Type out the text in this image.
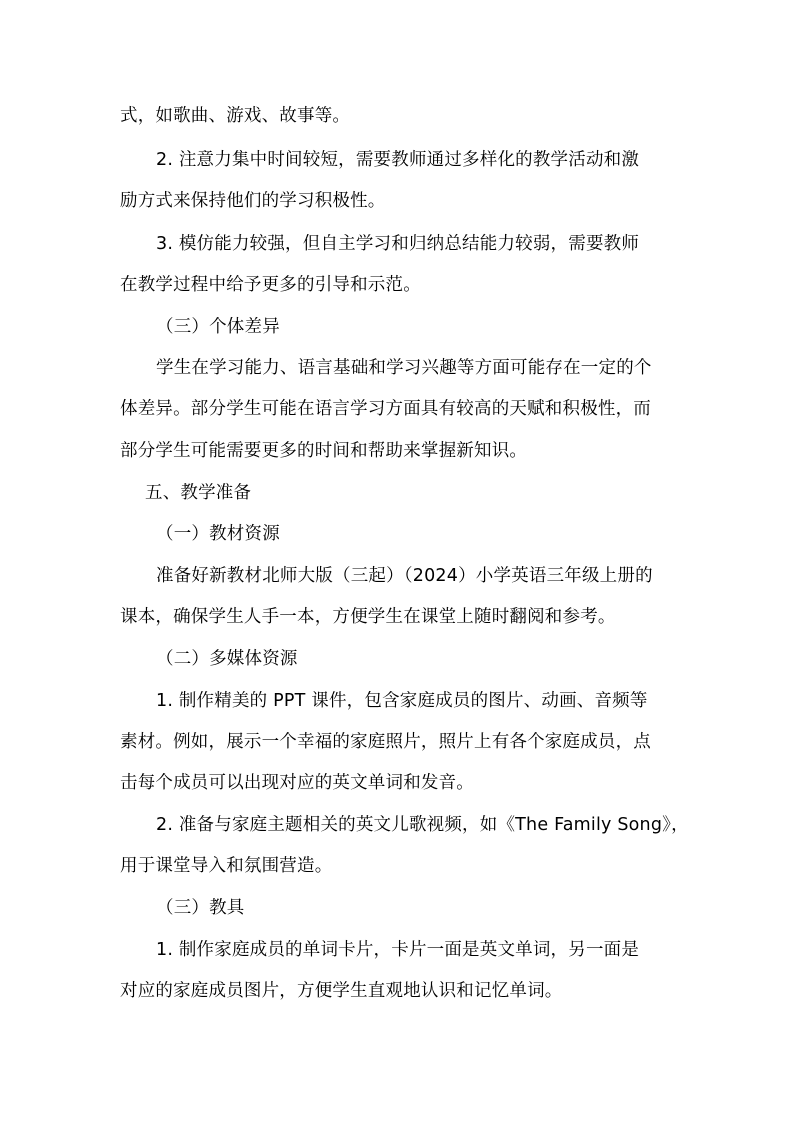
式，如歌曲、游戏、故事等。
2. 注意力集中时间较短，需要教师通过多样化的教学活动和激
励方式来保持他们的学习积极性。
3. 模仿能力较强，但自主学习和归纳总结能力较弱，需要教师
在教学过程中给予更多的引导和示范。
（三）个体差异
学生在学习能力、语言基础和学习兴趣等方面可能存在一定的个
体差异。部分学生可能在语言学习方面具有较高的天赋和积极性，而
部分学生可能需要更多的时间和帮助来掌握新知识。
五、教学准备
（一）教材资源
准备好新教材北师大版（三起）（2024）小学英语三年级上册的
课本，确保学生人手一本，方便学生在课堂上随时翻阅和参考。
（二）多媒体资源
1. 制作精美的 PPT 课件，包含家庭成员的图片、动画、音频等
素材。例如，展示一个幸福的家庭照片，照片上有各个家庭成员，点
击每个成员可以出现对应的英文单词和发音。
2. 准备与家庭主题相关的英文儿歌视频，如《The Family Song》，
用于课堂导入和氛围营造。
（三）教具
1. 制作家庭成员的单词卡片，卡片一面是英文单词，另一面是
对应的家庭成员图片，方便学生直观地认识和记忆单词。
